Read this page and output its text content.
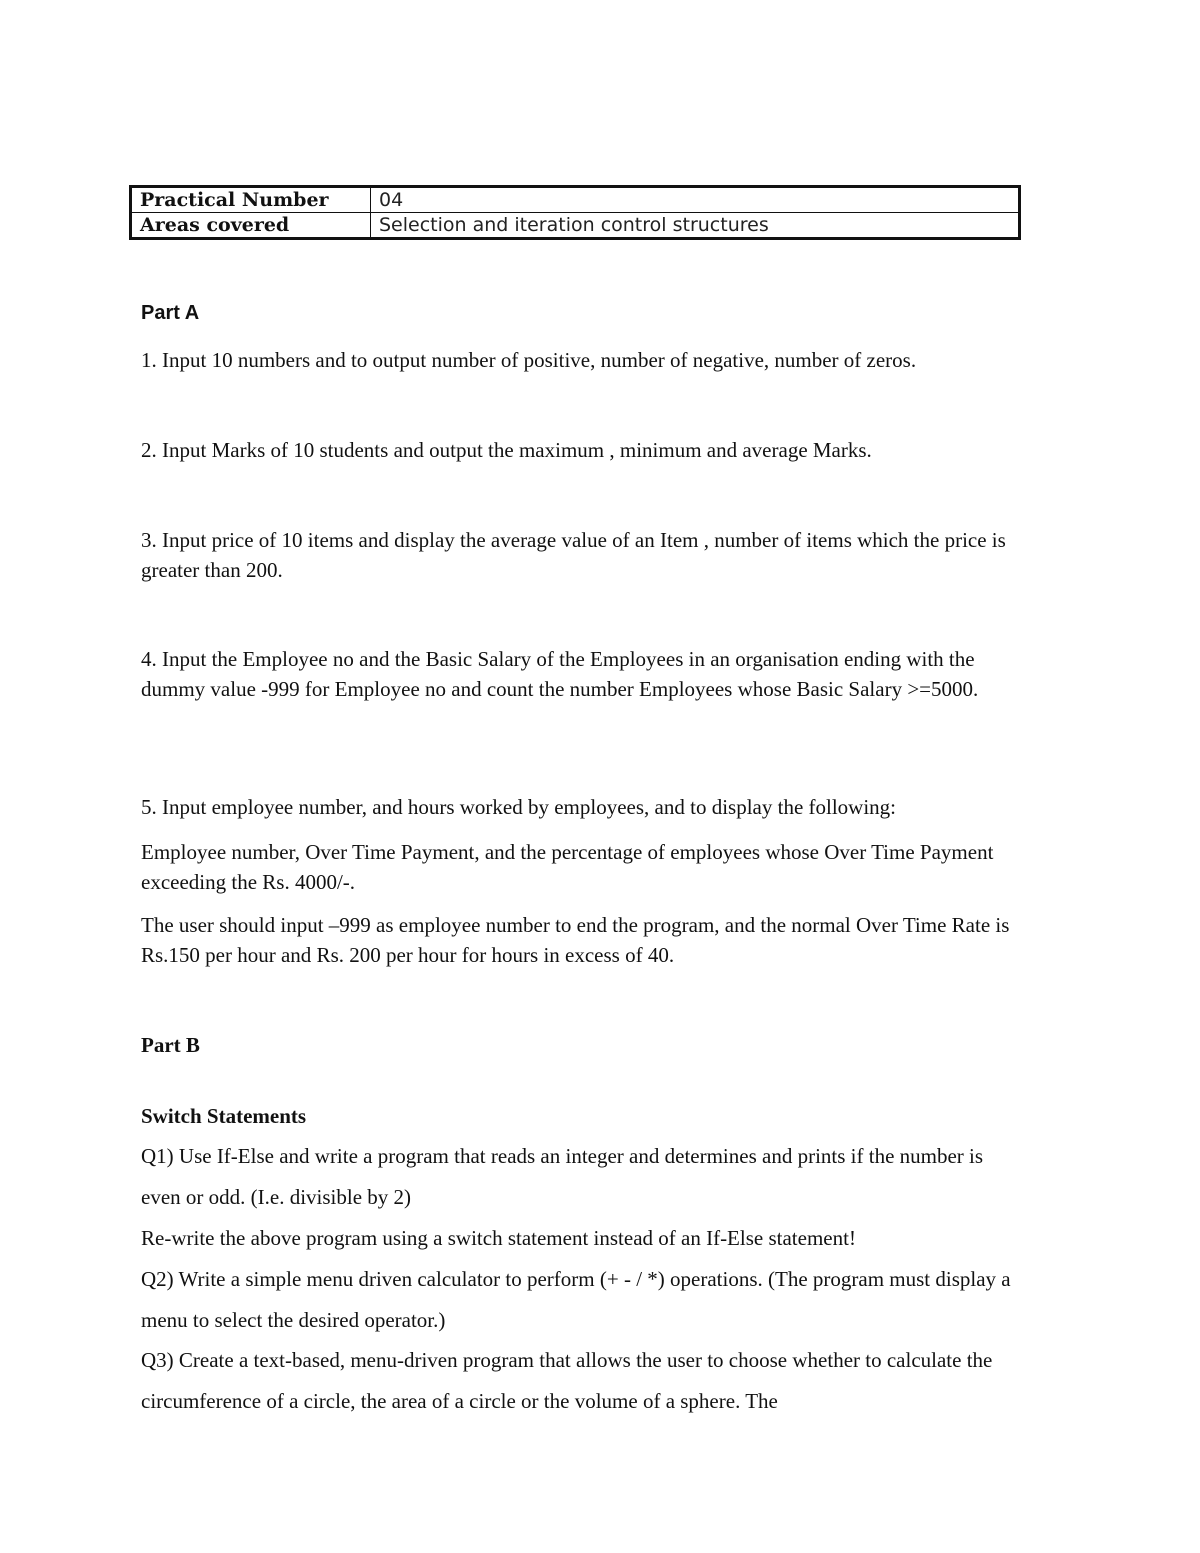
Practical Number	04
Areas covered	Selection and iteration control structures

Part A

1. Input 10 numbers and to output number of positive, number of negative, number of zeros.

2. Input Marks of 10 students and output the maximum , minimum and average Marks.

3. Input price of 10 items and display the average value of an Item , number of items which the price is greater than 200.

4. Input the Employee no and the Basic Salary of the Employees in an organisation ending with the dummy value -999 for Employee no and count the number Employees whose Basic Salary >=5000.

5. Input employee number, and hours worked by employees, and to display the following:

Employee number, Over Time Payment, and the percentage of employees whose Over Time Payment exceeding the Rs. 4000/-.

The user should input –999 as employee number to end the program, and the normal Over Time Rate is Rs.150 per hour and Rs. 200 per hour for hours in excess of 40.

Part B

Switch Statements

Q1) Use If-Else and write a program that reads an integer and determines and prints if the number is even or odd. (I.e. divisible by 2)

Re-write the above program using a switch statement instead of an If-Else statement!

Q2) Write a simple menu driven calculator to perform (+ - / *) operations. (The program must display a menu to select the desired operator.)

Q3) Create a text-based, menu-driven program that allows the user to choose whether to calculate the circumference of a circle, the area of a circle or the volume of a sphere. The
